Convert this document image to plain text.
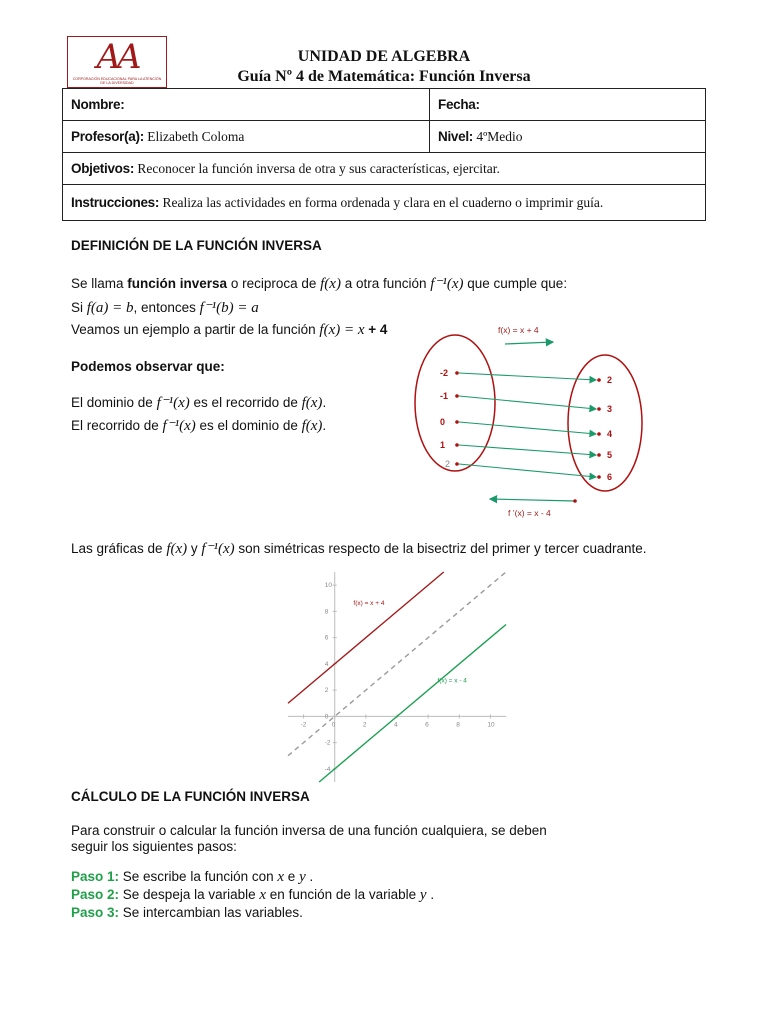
AA
CORPORACIÓN EDUCACIONAL PARA LA ATENCIÓN DE LA DIVERSIDAD
UNIDAD DE ALGEBRA
Guía Nº 4 de Matemática: Función Inversa
Nombre:	Fecha:
Profesor(a): Elizabeth Coloma	Nivel: 4ºMedio
Objetivos: Reconocer la función inversa de otra y sus características, ejercitar.	
Instrucciones: Realiza las actividades en forma ordenada y clara en el cuaderno o imprimir guía.	
DEFINICIÓN DE LA FUNCIÓN INVERSA
Se llama función inversa o reciproca de f(x) a otra función f⁻¹(x) que cumple que:
Si f(a) = b, entonces f⁻¹(b) = a
Veamos un ejemplo a partir de la función f(x) = x + 4
Podemos observar que:
El dominio de f⁻¹(x) es el recorrido de f(x).
El recorrido de f⁻¹(x) es el dominio de f(x).
f(x) = x + 4
-2
2
-1
3
0
4
1
5
2
6
f ’(x) = x - 4
Las gráficas de f(x) y f⁻¹(x) son simétricas respecto de la bisectriz del primer y tercer cuadrante.
-2	0	2	4	6	8	10
-4
-2
0
2
4
6
8
10
f(x) = x + 4
f(x) = x - 4
CÁLCULO DE LA FUNCIÓN INVERSA
Para construir o calcular la función inversa de una función cualquiera, se deben
seguir los siguientes pasos:
Paso 1: Se escribe la función con x e y .
Paso 2: Se despeja la variable x en función de la variable y .
Paso 3: Se intercambian las variables.
